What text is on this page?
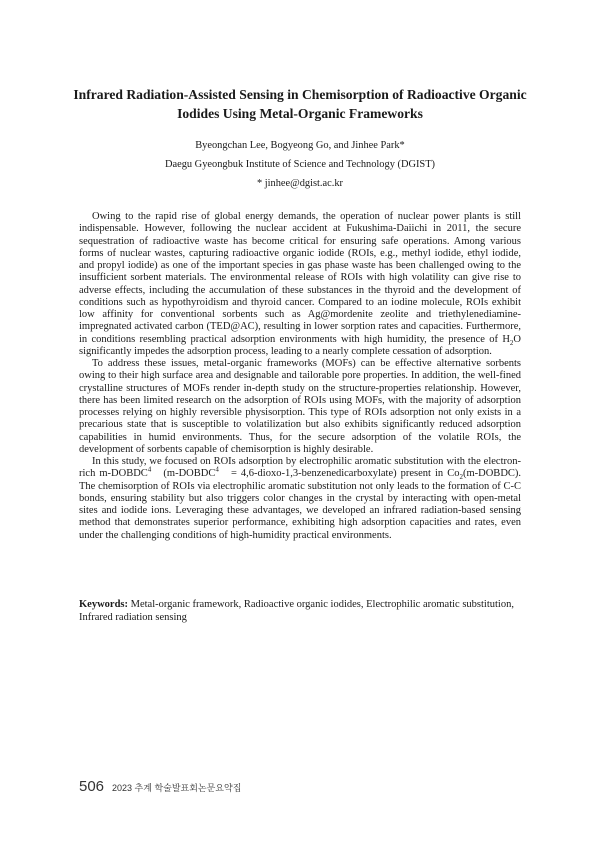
Infrared Radiation-Assisted Sensing in Chemisorption of Radioactive Organic Iodides Using Metal-Organic Frameworks
Byeongchan Lee, Bogyeong Go, and Jinhee Park*
Daegu Gyeongbuk Institute of Science and Technology (DGIST)
* jinhee@dgist.ac.kr

Owing to the rapid rise of global energy demands, the operation of nuclear power plants is still indispensable. However, following the nuclear accident at Fukushima-Daiichi in 2011, the secure sequestration of radioactive waste has become critical for ensuring safe operations. Among various forms of nuclear wastes, capturing radioactive organic iodide (ROIs, e.g., methyl iodide, ethyl iodide, and propyl iodide) as one of the important species in gas phase waste has been challenged owing to the insufficient sorbent materials. The environmental release of ROIs with high volatility can give rise to adverse effects, including the accumulation of these substances in the thyroid and the development of conditions such as hypothyroidism and thyroid cancer. Compared to an iodine molecule, ROIs exhibit low affinity for conventional sorbents such as Ag@mordenite zeolite and triethylenediamine-impregnated activated carbon (TED@AC), resulting in lower sorption rates and capacities. Furthermore, in conditions resembling practical adsorption environments with high humidity, the presence of $H_2O$ significantly impedes the adsorption process, leading to a nearly complete cessation of adsorption.

To address these issues, metal-organic frameworks (MOFs) can be effective alternative sorbents owing to their high surface area and designable and tailorable pore properties. In addition, the well-fined crystalline structures of MOFs render in-depth study on the structure-properties relationship. However, there has been limited research on the adsorption of ROIs using MOFs, with the majority of adsorption processes relying on highly reversible physisorption. This type of ROIs adsorption not only exists in a precarious state that is susceptible to volatilization but also exhibits significantly reduced adsorption capabilities in humid environments. Thus, for the secure adsorption of the volatile ROIs, the development of sorbents capable of chemisorption is highly desirable.

In this study, we focused on ROIs adsorption by electrophilic aromatic substitution with the electron-rich m-DOBDC$^4$ ($m-DOBDC^4$ = 4,6-dioxo-1,3-benzenedicarboxylate) present in $Co_2(m-DOBDC)$. The chemisorption of ROIs via electrophilic aromatic substitution not only leads to the formation of C-C bonds, ensuring stability but also triggers color changes in the crystal by interacting with open-metal sites and iodide ions. Leveraging these advantages, we developed an infrared radiation-based sensing method that demonstrates superior performance, exhibiting high adsorption capacities and rates, even under the challenging conditions of high-humidity practical environments.

Keywords: Metal-organic framework, Radioactive organic iodides, Electrophilic aromatic substitution, Infrared radiation sensing
506 2023 추계 학술발표회논문요약집
